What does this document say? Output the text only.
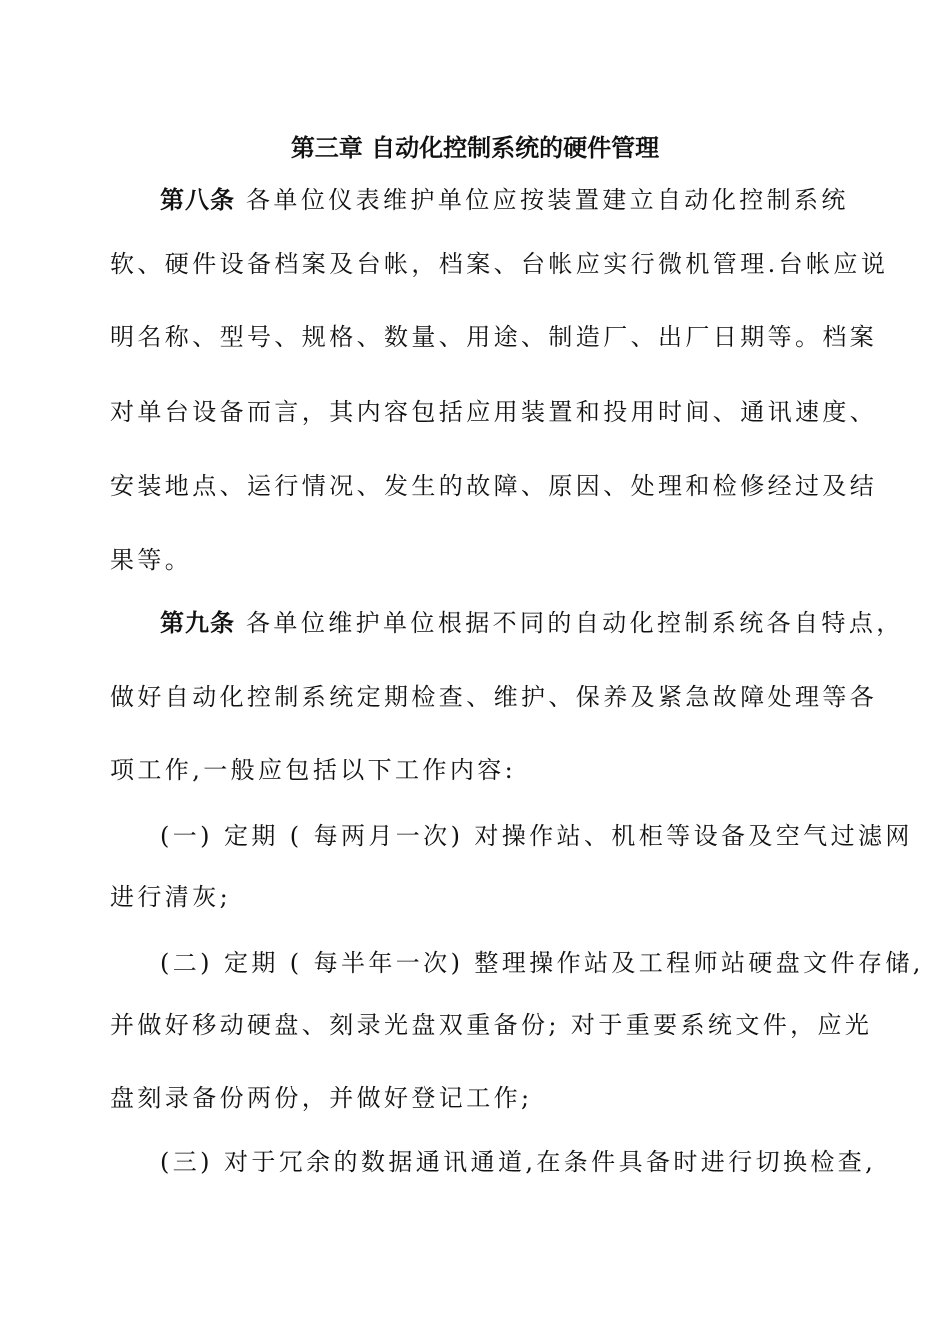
第三章 自动化控制系统的硬件管理
第八条 各单位仪表维护单位应按装置建立自动化控制系统
软、硬件设备档案及台帐，档案、台帐应实行微机管理.台帐应说
明名称、型号、规格、数量、用途、制造厂、出厂日期等。档案
对单台设备而言，其内容包括应用装置和投用时间、通讯速度、
安装地点、运行情况、发生的故障、原因、处理和检修经过及结
果等。
第九条 各单位维护单位根据不同的自动化控制系统各自特点，
做好自动化控制系统定期检查、维护、保养及紧急故障处理等各
项工作,一般应包括以下工作内容:
(一) 定期 ( 每两月一次) 对操作站、机柜等设备及空气过滤网
进行清灰;
(二) 定期 ( 每半年一次) 整理操作站及工程师站硬盘文件存储,
并做好移动硬盘、刻录光盘双重备份; 对于重要系统文件，应光
盘刻录备份两份，并做好登记工作;
(三) 对于冗余的数据通讯通道,在条件具备时进行切换检查,
